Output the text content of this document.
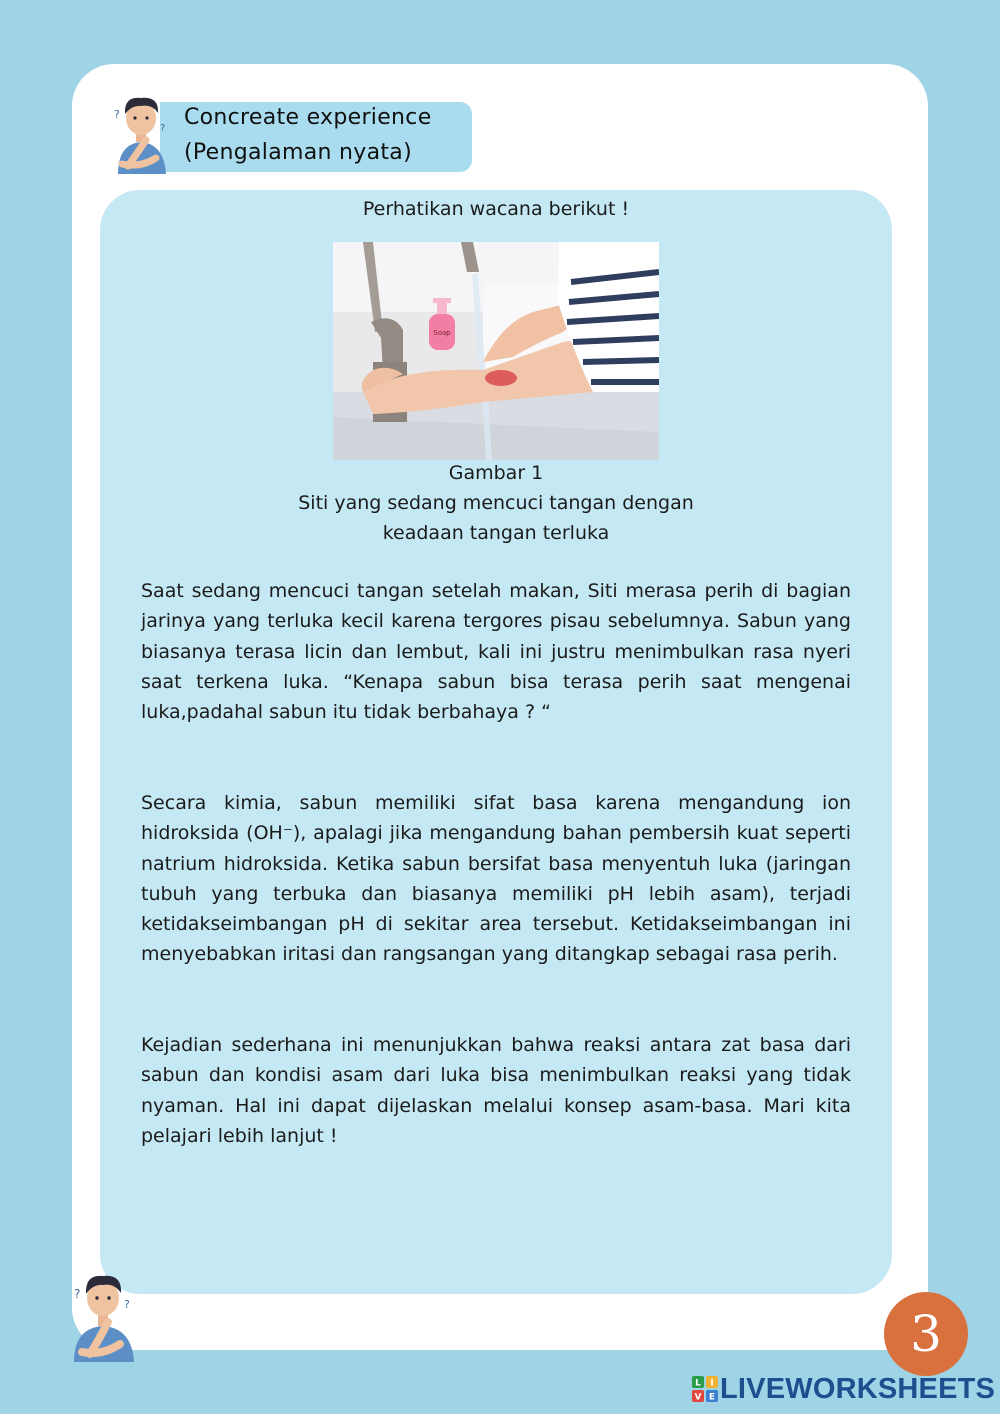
?
? Concreate experience
(Pengalaman nyata)
Perhatikan wacana berikut !
Soap
Gambar 1
Siti yang sedang mencuci tangan dengan
keadaan tangan terluka

Saat sedang mencuci tangan setelah makan, Siti merasa perih di bagian jarinya yang terluka kecil karena tergores pisau sebelumnya. Sabun yang biasanya terasa licin dan lembut, kali ini justru menimbulkan rasa nyeri saat terkena luka. “Kenapa sabun bisa terasa perih saat mengenai luka,padahal sabun itu tidak berbahaya ? “

Secara kimia, sabun memiliki sifat basa karena mengandung ion hidroksida (OH⁻), apalagi jika mengandung bahan pembersih kuat seperti natrium hidroksida. Ketika sabun bersifat basa menyentuh luka (jaringan tubuh yang terbuka dan biasanya memiliki pH lebih asam), terjadi ketidakseimbangan pH di sekitar area tersebut. Ketidakseimbangan ini menyebabkan iritasi dan rangsangan yang ditangkap sebagai rasa perih.

Kejadian sederhana ini menunjukkan bahwa reaksi antara zat basa dari sabun dan kondisi asam dari luka bisa menimbulkan reaksi yang tidak nyaman. Hal ini dapat dijelaskan melalui konsep asam-basa. Mari kita pelajari lebih lanjut !

?
?
3
L I
V E LIVEWORKSHEETS
